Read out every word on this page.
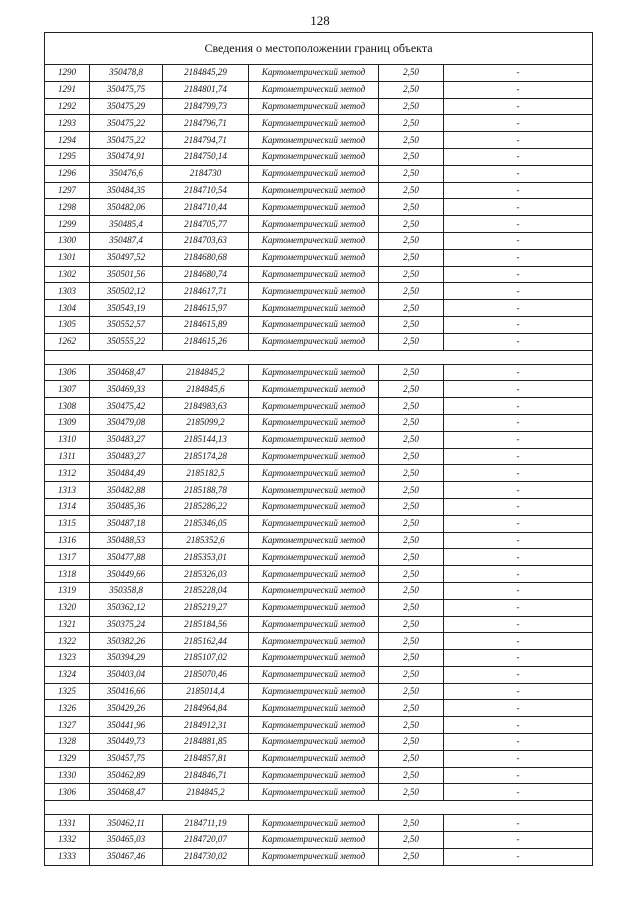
128
Сведения о местоположении границ объекта					
1290	350478,8	2184845,29	Картометрический метод	2,50	-
1291	350475,75	2184801,74	Картометрический метод	2,50	-
1292	350475,29	2184799,73	Картометрический метод	2,50	-
1293	350475,22	2184796,71	Картометрический метод	2,50	-
1294	350475,22	2184794,71	Картометрический метод	2,50	-
1295	350474,91	2184750,14	Картометрический метод	2,50	-
1296	350476,6	2184730	Картометрический метод	2,50	-
1297	350484,35	2184710,54	Картометрический метод	2,50	-
1298	350482,06	2184710,44	Картометрический метод	2,50	-
1299	350485,4	2184705,77	Картометрический метод	2,50	-
1300	350487,4	2184703,63	Картометрический метод	2,50	-
1301	350497,52	2184680,68	Картометрический метод	2,50	-
1302	350501,56	2184680,74	Картометрический метод	2,50	-
1303	350502,12	2184617,71	Картометрический метод	2,50	-
1304	350543,19	2184615,97	Картометрический метод	2,50	-
1305	350552,57	2184615,89	Картометрический метод	2,50	-
1262	350555,22	2184615,26	Картометрический метод	2,50	-

1306	350468,47	2184845,2	Картометрический метод	2,50	-
1307	350469,33	2184845,6	Картометрический метод	2,50	-
1308	350475,42	2184983,63	Картометрический метод	2,50	-
1309	350479,08	2185099,2	Картометрический метод	2,50	-
1310	350483,27	2185144,13	Картометрический метод	2,50	-
1311	350483,27	2185174,28	Картометрический метод	2,50	-
1312	350484,49	2185182,5	Картометрический метод	2,50	-
1313	350482,88	2185188,78	Картометрический метод	2,50	-
1314	350485,36	2185286,22	Картометрический метод	2,50	-
1315	350487,18	2185346,05	Картометрический метод	2,50	-
1316	350488,53	2185352,6	Картометрический метод	2,50	-
1317	350477,88	2185353,01	Картометрический метод	2,50	-
1318	350449,66	2185326,03	Картометрический метод	2,50	-
1319	350358,8	2185228,04	Картометрический метод	2,50	-
1320	350362,12	2185219,27	Картометрический метод	2,50	-
1321	350375,24	2185184,56	Картометрический метод	2,50	-
1322	350382,26	2185162,44	Картометрический метод	2,50	-
1323	350394,29	2185107,02	Картометрический метод	2,50	-
1324	350403,04	2185070,46	Картометрический метод	2,50	-
1325	350416,66	2185014,4	Картометрический метод	2,50	-
1326	350429,26	2184964,84	Картометрический метод	2,50	-
1327	350441,96	2184912,31	Картометрический метод	2,50	-
1328	350449,73	2184881,85	Картометрический метод	2,50	-
1329	350457,75	2184857,81	Картометрический метод	2,50	-
1330	350462,89	2184846,71	Картометрический метод	2,50	-
1306	350468,47	2184845,2	Картометрический метод	2,50	-

1331	350462,11	2184711,19	Картометрический метод	2,50	-
1332	350465,03	2184720,07	Картометрический метод	2,50	-
1333	350467,46	2184730,02	Картометрический метод	2,50	-
